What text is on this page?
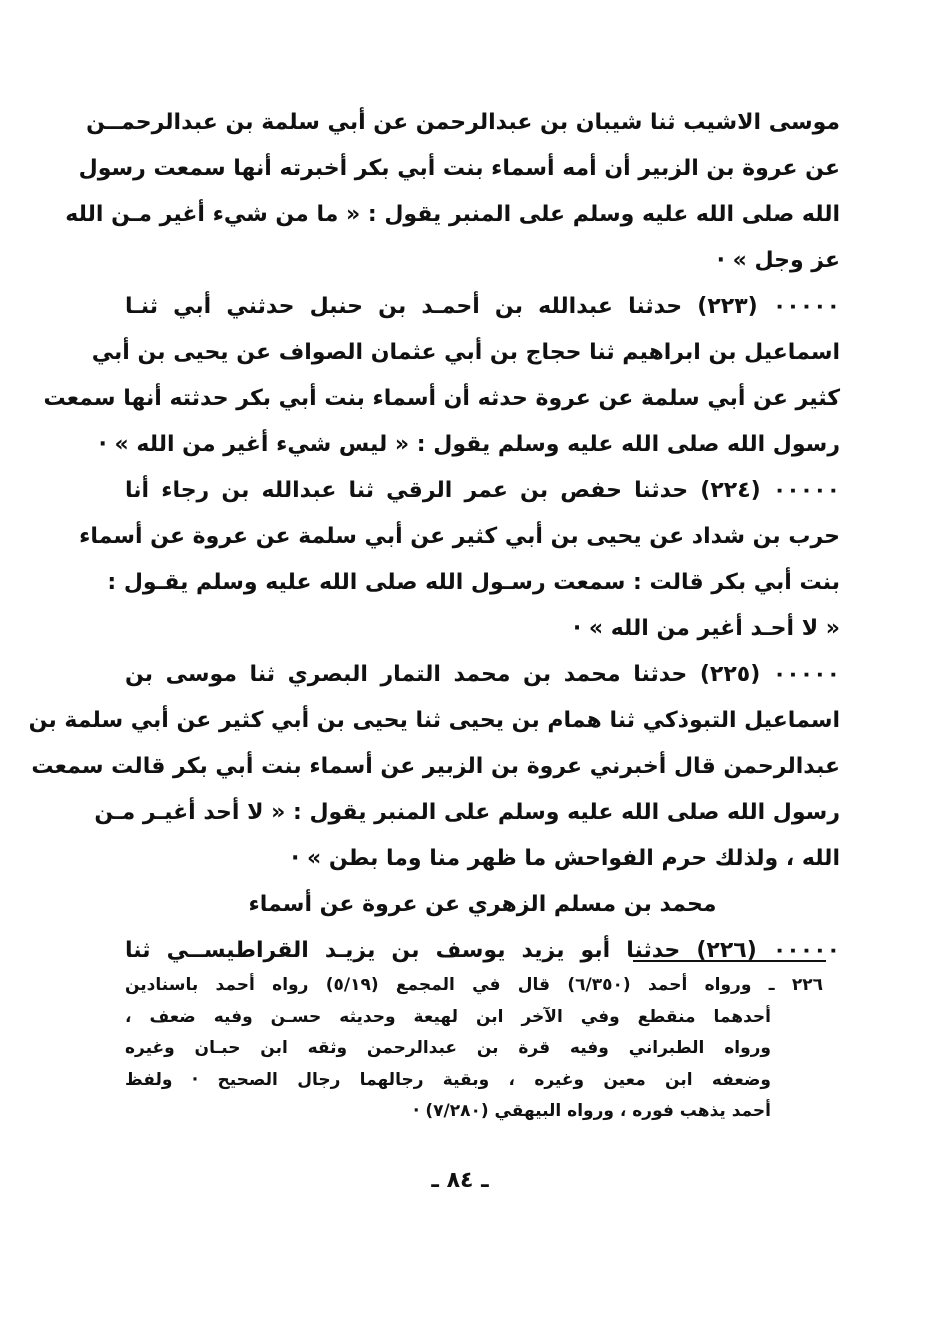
موسى الاشيب ثنا شيبان بن عبدالرحمن عن أبي سلمة بن عبدالرحمــن
عن عروة بن الزبير أن أمه أسماء بنت أبي بكر أخبرته أنها سمعت رسول
الله صلى الله عليه وسلم على المنبر يقول : « ما من شيء أغير مـن الله
عز وجل » ·
٠٠٠٠٠ (٢٢٣) حدثنا عبدالله بن أحمـد بن حنبل حدثني أبي ثنـا
اسماعيل بن ابراهيم ثنا حجاج بن أبي عثمان الصواف عن يحيى بن أبي
كثير عن أبي سلمة عن عروة حدثه أن أسماء بنت أبي بكر حدثته أنها سمعت
رسول الله صلى الله عليه وسلم يقول : « ليس شيء أغير من الله » ·
٠٠٠٠٠ (٢٢٤) حدثنا حفص بن عمر الرقي ثنا عبدالله بن رجاء أنا
حرب بن شداد عن يحيى بن أبي كثير عن أبي سلمة عن عروة عن أسماء
بنت أبي بكر قالت : سمعت رسـول الله صلى الله عليه وسلم يقـول :
« لا أحـد أغير من الله » ·
٠٠٠٠٠ (٢٢٥) حدثنا محمد بن محمد التمار البصري ثنا موسى بن
اسماعيل التبوذكي ثنا همام بن يحيى ثنا يحيى بن أبي كثير عن أبي سلمة بن
عبدالرحمن قال أخبرني عروة بن الزبير عن أسماء بنت أبي بكر قالت سمعت
رسول الله صلى الله عليه وسلم على المنبر يقول : « لا أحد أغيـر مـن
الله ، ولذلك حرم الفواحش ما ظهر منا وما بطن » ·
محمد بن مسلم الزهري عن عروة عن أسماء
٠٠٠٠٠ (٢٢٦) حدثنا أبو يزيد يوسف بن يزيـد القراطيســي ثنا
٢٢٦ ـ ورواه أحمد (٦/٣٥٠) قال في المجمع (٥/١٩) رواه أحمد باسنادين
أحدهما منقطع وفي الآخر ابن لهيعة وحديثه حسـن وفيه ضعف ،
ورواه الطبراني وفيه قرة بن عبدالرحمن وثقه ابن حبـان وغيره
وضعفه ابن معين وغيره ، وبقية رجالهما رجال الصحيح · ولفظ
أحمد يذهب فوره ، ورواه البيهقي (٧/٢٨٠) ·
ـ ٨٤ ـ
